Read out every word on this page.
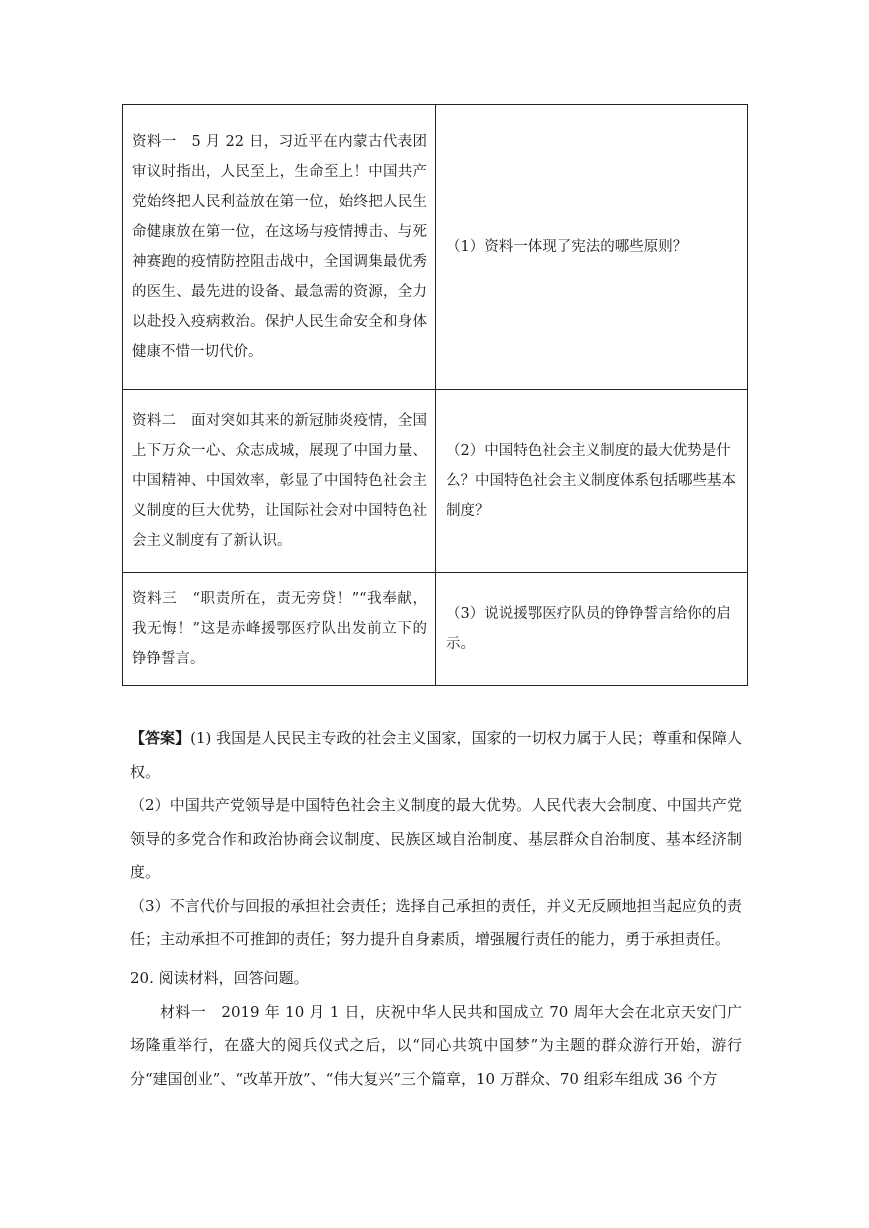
资料一　5 月 22 日，习近平在内蒙古代表团审议时指出，人民至上，生命至上！中国共产党始终把人民利益放在第一位，始终把人民生命健康放在第一位，在这场与疫情搏击、与死神赛跑的疫情防控阻击战中，全国调集最优秀的医生、最先进的设备、最急需的资源，全力以赴投入疫病救治。保护人民生命安全和身体健康不惜一切代价。	（1）资料一体现了宪法的哪些原则？
资料二　面对突如其来的新冠肺炎疫情，全国上下万众一心、众志成城，展现了中国力量、中国精神、中国效率，彰显了中国特色社会主义制度的巨大优势，让国际社会对中国特色社会主义制度有了新认识。	（2）中国特色社会主义制度的最大优势是什么？中国特色社会主义制度体系包括哪些基本制度？
资料三　“职责所在，责无旁贷！”“我奉献，我无悔！”这是赤峰援鄂医疗队出发前立下的铮铮誓言。	（3）说说援鄂医疗队员的铮铮誓言给你的启示。

【答案】(1) 我国是人民民主专政的社会主义国家，国家的一切权力属于人民；尊重和保障人权。

（2）中国共产党领导是中国特色社会主义制度的最大优势。人民代表大会制度、中国共产党领导的多党合作和政治协商会议制度、民族区域自治制度、基层群众自治制度、基本经济制度。

（3）不言代价与回报的承担社会责任；选择自己承担的责任，并义无反顾地担当起应负的责任；主动承担不可推卸的责任；努力提升自身素质，增强履行责任的能力，勇于承担责任。

20. 阅读材料，回答问题。

材料一　2019 年 10 月 1 日，庆祝中华人民共和国成立 70 周年大会在北京天安门广场隆重举行，在盛大的阅兵仪式之后，以“同心共筑中国梦”为主题的群众游行开始，游行分“建国创业”、“改革开放”、“伟大复兴”三个篇章，10 万群众、70 组彩车组成 36 个方
